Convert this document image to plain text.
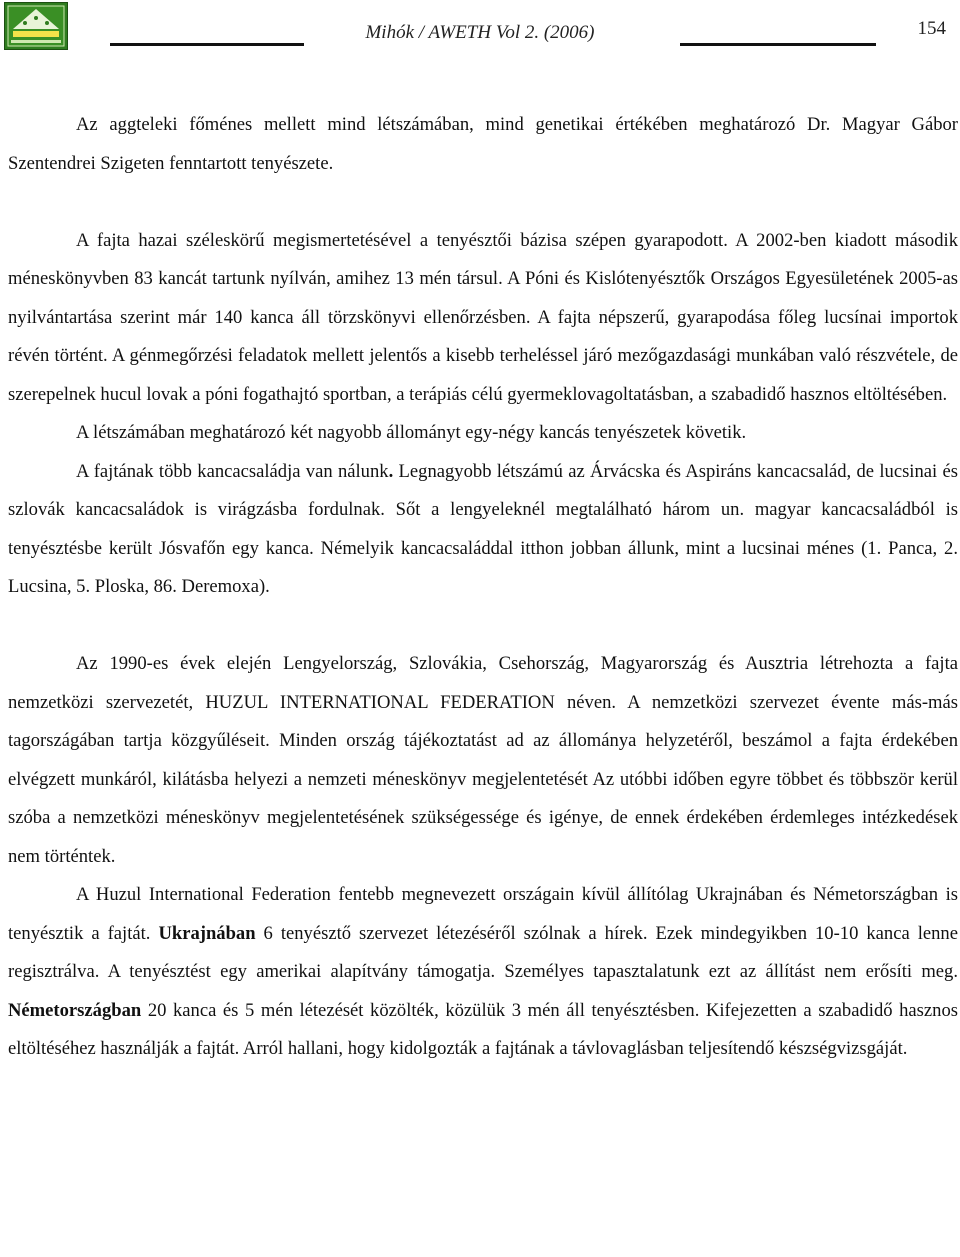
Mihók / AWETH Vol 2. (2006)	154

Az aggteleki főménes mellett mind létszámában, mind genetikai értékében meghatározó Dr. Magyar Gábor Szentendrei Szigeten fenntartott tenyészete.

A fajta hazai széleskörű megismertetésével a tenyésztői bázisa szépen gyarapodott. A 2002-ben kiadott második méneskönyvben 83 kancát tartunk nyílván, amihez 13 mén társul. A Póni és Kislótenyésztők Országos Egyesületének 2005-as nyilvántartása szerint már 140 kanca áll törzskönyvi ellenőrzésben. A fajta népszerű, gyarapodása főleg lucsínai importok révén történt. A génmegőrzési feladatok mellett jelentős a kisebb terheléssel járó mezőgazdasági munkában való részvétele, de szerepelnek hucul lovak a póni fogathajtó sportban, a terápiás célú gyermeklovagoltatásban, a szabadidő hasznos eltöltésében.

A létszámában meghatározó két nagyobb állományt egy-négy kancás tenyészetek követik.

A fajtának több kancacsaládja van nálunk. Legnagyobb létszámú az Árvácska és Aspiráns kancacsalád, de lucsinai és szlovák kancacsaládok is virágzásba fordulnak. Sőt a lengyeleknél megtalálható három un. magyar kancacsaládból is tenyésztésbe került Jósvafőn egy kanca. Némelyik kancacsaláddal itthon jobban állunk, mint a lucsinai ménes (1. Panca, 2. Lucsina, 5. Ploska, 86. Deremoxa).

Az 1990-es évek elején Lengyelország, Szlovákia, Csehország, Magyarország és Ausztria létrehozta a fajta nemzetközi szervezetét, HUZUL INTERNATIONAL FEDERATION néven. A nemzetközi szervezet évente más-más tagországában tartja közgyűléseit. Minden ország tájékoztatást ad az állománya helyzetéről, beszámol a fajta érdekében elvégzett munkáról, kilátásba helyezi a nemzeti méneskönyv megjelentetését Az utóbbi időben egyre többet és többször kerül szóba a nemzetközi méneskönyv megjelentetésének szükségessége és igénye, de ennek érdekében érdemleges intézkedések nem történtek.

A Huzul International Federation fentebb megnevezett országain kívül állítólag Ukrajnában és Németországban is tenyésztik a fajtát. Ukrajnában 6 tenyésztő szervezet létezéséről szólnak a hírek. Ezek mindegyikben 10-10 kanca lenne regisztrálva. A tenyésztést egy amerikai alapítvány támogatja. Személyes tapasztalatunk ezt az állítást nem erősíti meg. Németországban 20 kanca és 5 mén létezését közölték, közülük 3 mén áll tenyésztésben. Kifejezetten a szabadidő hasznos eltöltéséhez használják a fajtát. Arról hallani, hogy kidolgozták a fajtának a távlovaglásban teljesítendő készségvizsgáját.
